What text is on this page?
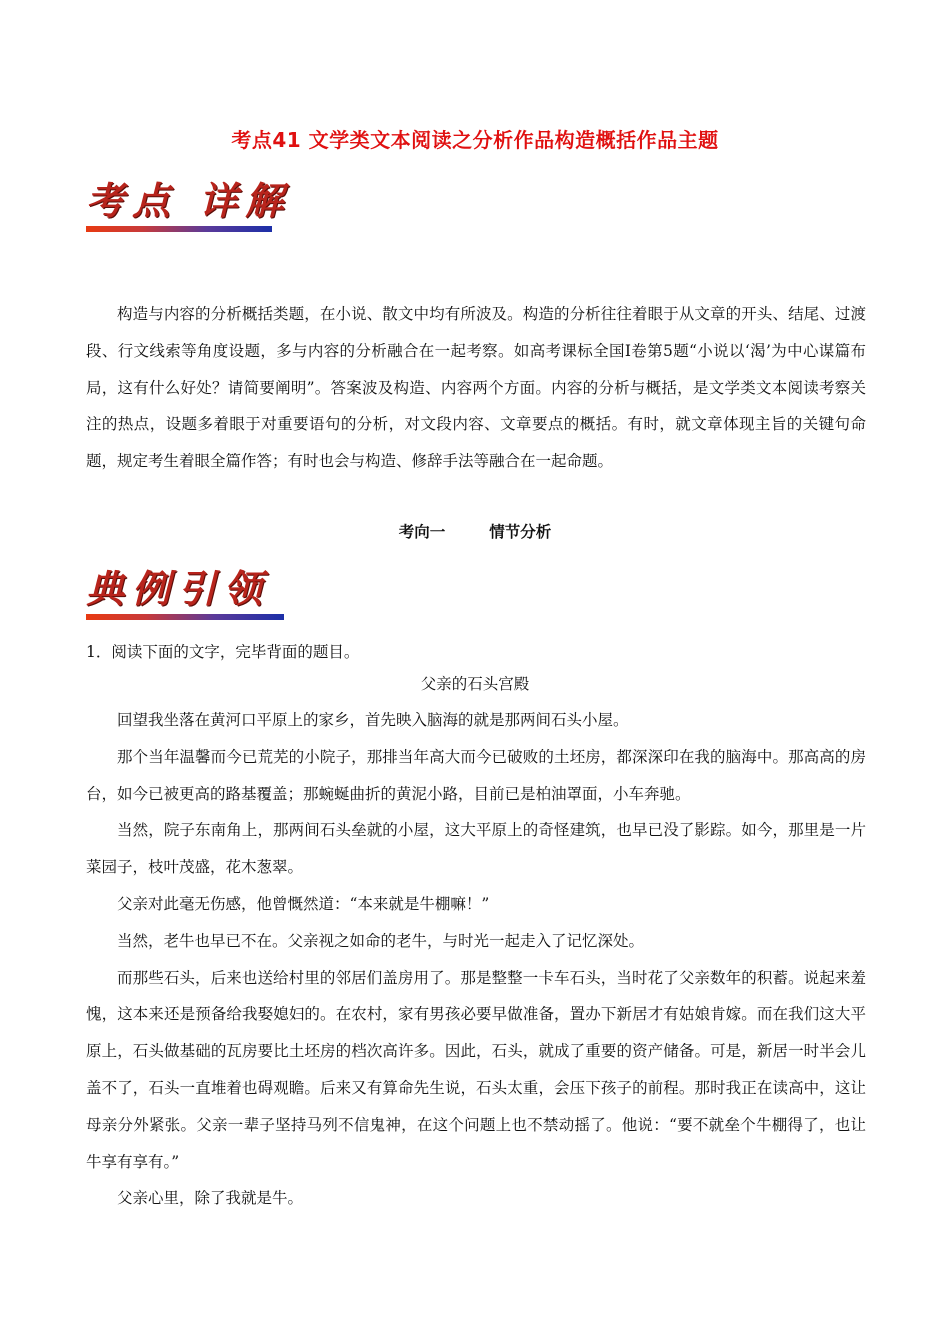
考点41 文学类文本阅读之分析作品构造概括作品主题
考点 详解
构造与内容的分析概括类题，在小说、散文中均有所波及。构造的分析往往着眼于从文章的开头、结尾、过渡段、行文线索等角度设题，多与内容的分析融合在一起考察。如高考课标全国Ⅰ卷第5题“小说以‘渴’为中心谋篇布局，这有什么好处？请简要阐明”。答案波及构造、内容两个方面。内容的分析与概括，是文学类文本阅读考察关注的热点，设题多着眼于对重要语句的分析，对文段内容、文章要点的概括。有时，就文章体现主旨的关键句命题，规定考生着眼全篇作答；有时也会与构造、修辞手法等融合在一起命题。
考向一	情节分析
典例引领
1．阅读下面的文字，完毕背面的题目。
父亲的石头宫殿

回望我坐落在黄河口平原上的家乡，首先映入脑海的就是那两间石头小屋。

那个当年温馨而今已荒芜的小院子，那排当年高大而今已破败的土坯房，都深深印在我的脑海中。那高高的房台，如今已被更高的路基覆盖；那蜿蜒曲折的黄泥小路，目前已是柏油罩面，小车奔驰。

当然，院子东南角上，那两间石头垒就的小屋，这大平原上的奇怪建筑，也早已没了影踪。如今，那里是一片菜园子，枝叶茂盛，花木葱翠。

父亲对此毫无伤感，他曾慨然道：“本来就是牛棚嘛！”

当然，老牛也早已不在。父亲视之如命的老牛，与时光一起走入了记忆深处。

而那些石头，后来也送给村里的邻居们盖房用了。那是整整一卡车石头，当时花了父亲数年的积蓄。说起来羞愧，这本来还是预备给我娶媳妇的。在农村，家有男孩必要早做准备，置办下新居才有姑娘肯嫁。而在我们这大平原上，石头做基础的瓦房要比土坯房的档次高许多。因此，石头，就成了重要的资产储备。可是，新居一时半会儿盖不了，石头一直堆着也碍观瞻。后来又有算命先生说，石头太重，会压下孩子的前程。那时我正在读高中，这让母亲分外紧张。父亲一辈子坚持马列不信鬼神，在这个问题上也不禁动摇了。他说：“要不就垒个牛棚得了，也让牛享有享有。”

父亲心里，除了我就是牛。
